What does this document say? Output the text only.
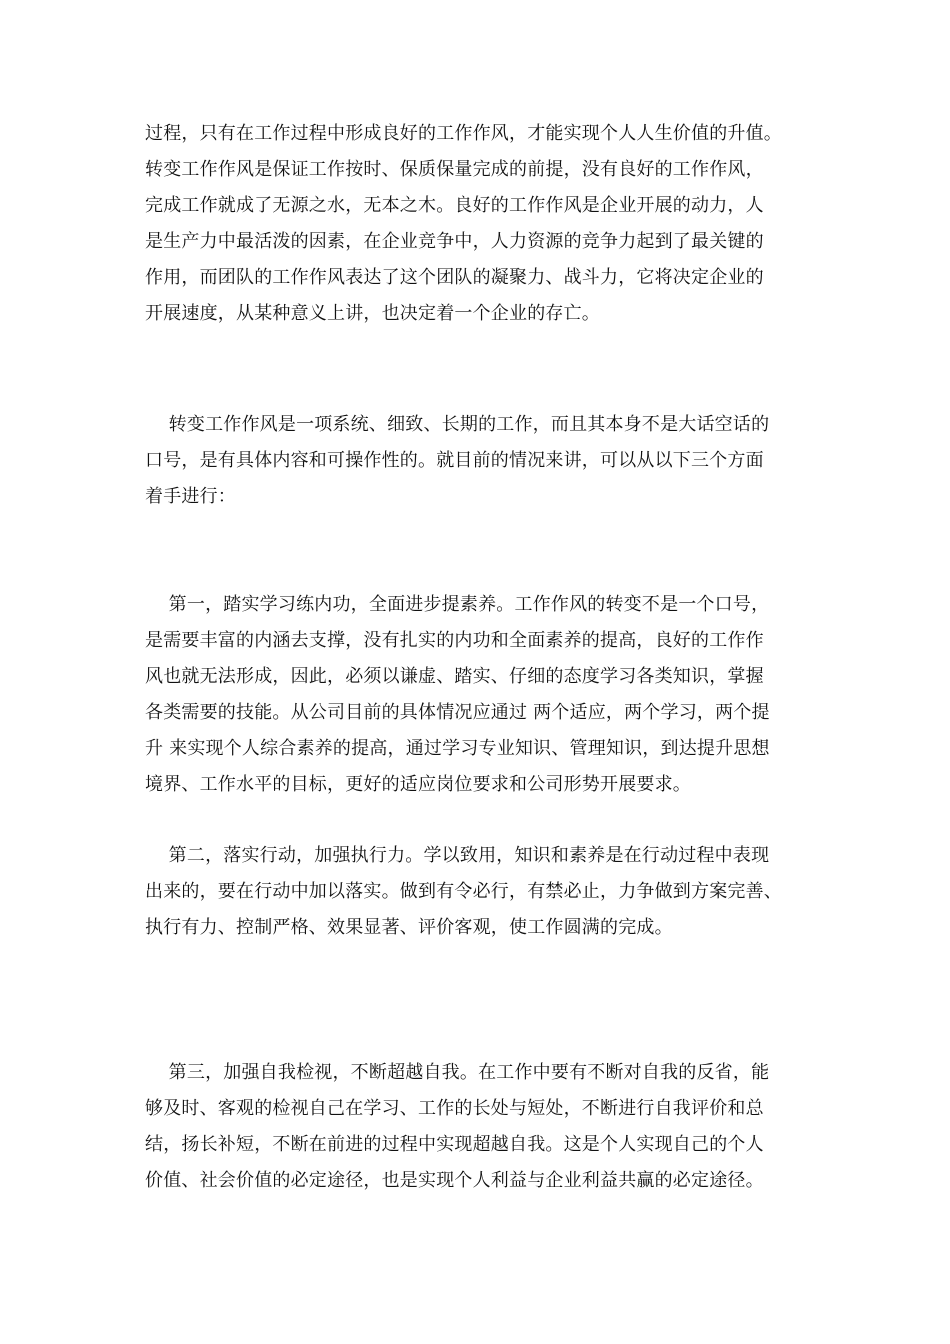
过程，只有在工作过程中形成良好的工作作风，才能实现个人人生价值的升值。
转变工作作风是保证工作按时、保质保量完成的前提，没有良好的工作作风，
完成工作就成了无源之水，无本之木。良好的工作作风是企业开展的动力，人
是生产力中最活泼的因素，在企业竞争中，人力资源的竞争力起到了最关键的
作用，而团队的工作作风表达了这个团队的凝聚力、战斗力，它将决定企业的
开展速度，从某种意义上讲，也决定着一个企业的存亡。
转变工作作风是一项系统、细致、长期的工作，而且其本身不是大话空话的
口号，是有具体内容和可操作性的。就目前的情况来讲，可以从以下三个方面
着手进行：
第一，踏实学习练内功，全面进步提素养。工作作风的转变不是一个口号，
是需要丰富的内涵去支撑，没有扎实的内功和全面素养的提高，良好的工作作
风也就无法形成，因此，必须以谦虚、踏实、仔细的态度学习各类知识，掌握
各类需要的技能。从公司目前的具体情况应通过 两个适应，两个学习，两个提
升 来实现个人综合素养的提高，通过学习专业知识、管理知识，到达提升思想
境界、工作水平的目标，更好的适应岗位要求和公司形势开展要求。
第二，落实行动，加强执行力。学以致用，知识和素养是在行动过程中表现
出来的，要在行动中加以落实。做到有令必行，有禁必止，力争做到方案完善、
执行有力、控制严格、效果显著、评价客观，使工作圆满的完成。
第三，加强自我检视，不断超越自我。在工作中要有不断对自我的反省，能
够及时、客观的检视自己在学习、工作的长处与短处，不断进行自我评价和总
结，扬长补短，不断在前进的过程中实现超越自我。这是个人实现自己的个人
价值、社会价值的必定途径，也是实现个人利益与企业利益共赢的必定途径。
